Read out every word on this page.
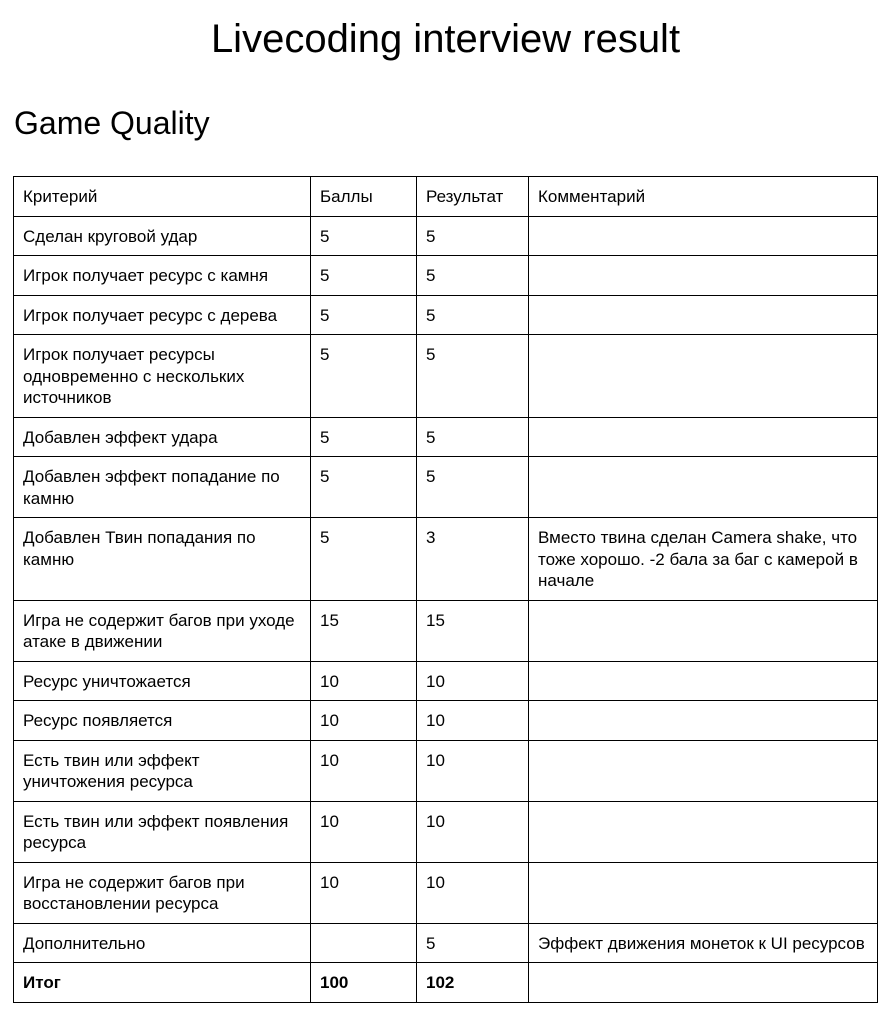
Livecoding interview result
Game Quality
Критерий	Баллы	Результат	Комментарий
Сделан круговой удар	5	5	
Игрок получает ресурс с камня	5	5	
Игрок получает ресурс с дерева	5	5	
Игрок получает ресурсы одновременно с нескольких источников	5	5	
Добавлен эффект удара	5	5	
Добавлен эффект попадание по камню	5	5	
Добавлен Твин попадания по камню	5	3	Вместо твина сделан Camera shake, что тоже хорошо. -2 бала за баг с камерой в начале
Игра не содержит багов при уходе атаке в движении	15	15	
Ресурс уничтожается	10	10	
Ресурс появляется	10	10	
Есть твин или эффект уничтожения ресурса	10	10	
Есть твин или эффект появления ресурса	10	10	
Игра не содержит багов при восстановлении ресурса	10	10	
Дополнительно		5	Эффект движения монеток к UI ресурсов
Итог	100	102	
